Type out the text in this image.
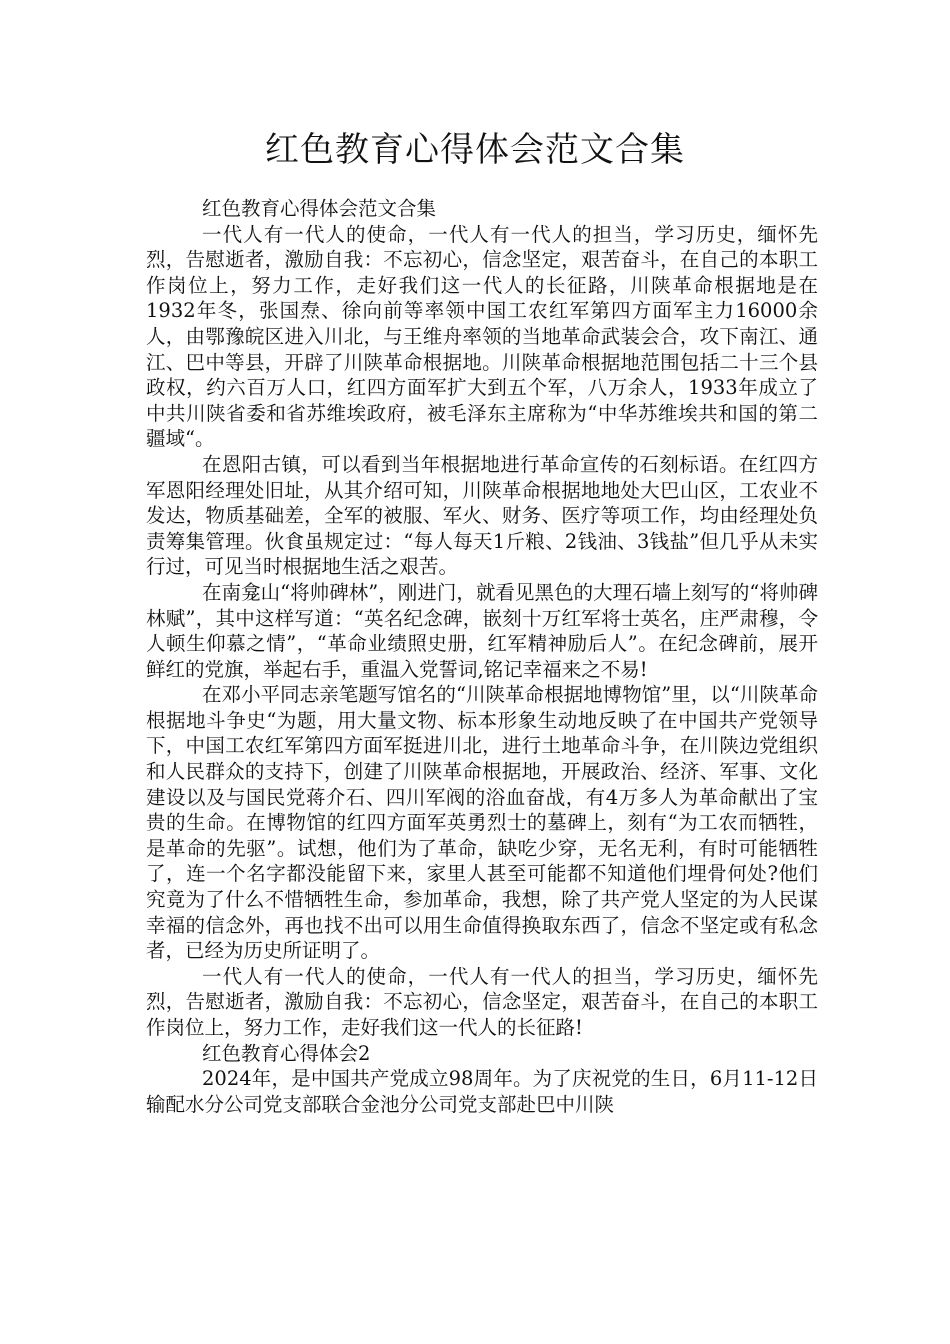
红色教育心得体会范文合集

红色教育心得体会范文合集

一代人有一代人的使命，一代人有一代人的担当，学习历史，缅怀先烈，告慰逝者，激励自我：不忘初心，信念坚定，艰苦奋斗，在自己的本职工作岗位上，努力工作，走好我们这一代人的长征路，川陕革命根据地是在1932年冬，张国焘、徐向前等率领中国工农红军第四方面军主力16000余人，由鄂豫皖区进入川北，与王维舟率领的当地革命武装会合，攻下南江、通江、巴中等县，开辟了川陕革命根据地。川陕革命根据地范围包括二十三个县政权，约六百万人口，红四方面军扩大到五个军，八万余人，1933年成立了中共川陕省委和省苏维埃政府，被毛泽东主席称为“中华苏维埃共和国的第二疆域“。

在恩阳古镇，可以看到当年根据地进行革命宣传的石刻标语。在红四方军恩阳经理处旧址，从其介绍可知，川陕革命根据地地处大巴山区，工农业不发达，物质基础差，全军的被服、军火、财务、医疗等项工作，均由经理处负责筹集管理。伙食虽规定过：“每人每天1斤粮、2钱油、3钱盐”但几乎从未实行过，可见当时根据地生活之艰苦。

在南龛山“将帅碑林”，刚进门，就看见黑色的大理石墙上刻写的“将帅碑林赋”，其中这样写道：“英名纪念碑，嵌刻十万红军将士英名，庄严肃穆，令人顿生仰慕之情”，“革命业绩照史册，红军精神励后人”。在纪念碑前，展开鲜红的党旗，举起右手，重温入党誓词,铭记幸福来之不易!

在邓小平同志亲笔题写馆名的“川陕革命根据地博物馆”里，以“川陕革命根据地斗争史“为题，用大量文物、标本形象生动地反映了在中国共产党领导下，中国工农红军第四方面军挺进川北，进行土地革命斗争，在川陕边党组织和人民群众的支持下，创建了川陕革命根据地，开展政治、经济、军事、文化建设以及与国民党蒋介石、四川军阀的浴血奋战，有4万多人为革命献出了宝贵的生命。在博物馆的红四方面军英勇烈士的墓碑上，刻有“为工农而牺牲，是革命的先驱”。试想，他们为了革命，缺吃少穿，无名无利，有时可能牺牲了，连一个名字都没能留下来，家里人甚至可能都不知道他们埋骨何处?他们究竟为了什么不惜牺牲生命，参加革命，我想，除了共产党人坚定的为人民谋幸福的信念外，再也找不出可以用生命值得换取东西了，信念不坚定或有私念者，已经为历史所证明了。

一代人有一代人的使命，一代人有一代人的担当，学习历史，缅怀先烈，告慰逝者，激励自我：不忘初心，信念坚定，艰苦奋斗，在自己的本职工作岗位上，努力工作，走好我们这一代人的长征路!

红色教育心得体会2

2024年，是中国共产党成立98周年。为了庆祝党的生日，6月11-12日输配水分公司党支部联合金池分公司党支部赴巴中川陕
